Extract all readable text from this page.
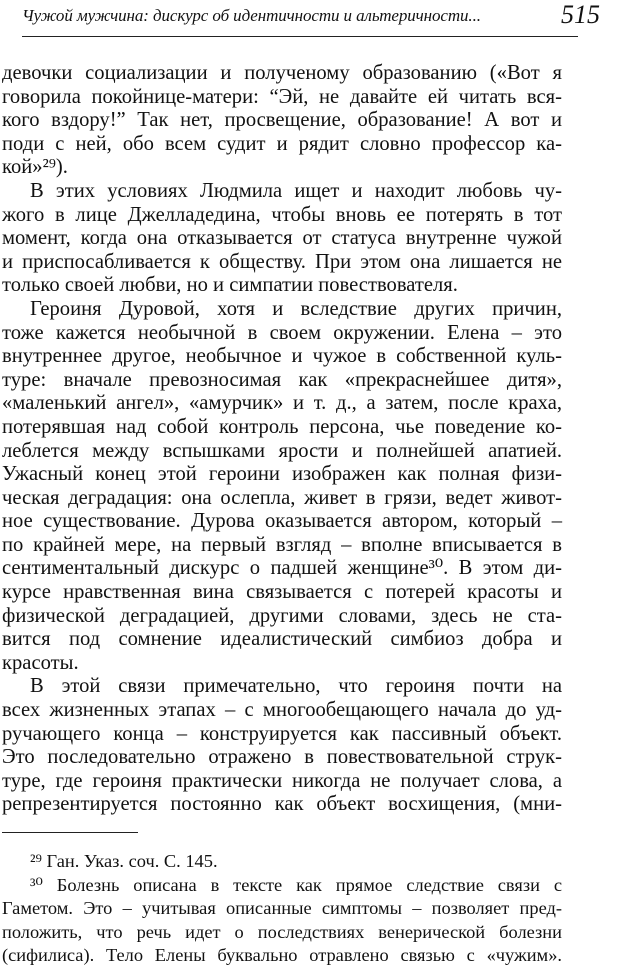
Чужой мужчина: дискурс об идентичности и альтеричности...	515
девочки социализации и полученому образованию («Вот я
говорила покойнице-матери: “Эй, не давайте ей читать вся-
кого вздору!” Так нет, просвещение, образование! А вот и
поди с ней, обо всем судит и рядит словно профессор ка-
кой»²⁹).
В этих условиях Людмила ищет и находит любовь чу-
жого в лице Джелладедина, чтобы вновь ее потерять в тот
момент, когда она отказывается от статуса внутренне чужой
и приспосабливается к обществу. При этом она лишается не
только своей любви, но и симпатии повествователя.
Героиня Дуровой, хотя и вследствие других причин,
тоже кажется необычной в своем окружении. Елена – это
внутреннее другое, необычное и чужое в собственной куль-
туре: вначале превозносимая как «прекраснейшее дитя»,
«маленький ангел», «амурчик» и т. д., а затем, после краха,
потерявшая над собой контроль персона, чье поведение ко-
леблется между вспышками ярости и полнейшей апатией.
Ужасный конец этой героини изображен как полная физи-
ческая деградация: она ослепла, живет в грязи, ведет живот-
ное существование. Дурова оказывается автором, который –
по крайней мере, на первый взгляд – вполне вписывается в
сентиментальный дискурс о падшей женщине³⁰. В этом ди-
курсе нравственная вина связывается с потерей красоты и
физической деградацией, другими словами, здесь не ста-
вится под сомнение идеалистический симбиоз добра и
красоты.
В этой связи примечательно, что героиня почти на
всех жизненных этапах – с многообещающего начала до уд-
ручающего конца – конструируется как пассивный объект.
Это последовательно отражено в повествовательной струк-
туре, где героиня практически никогда не получает слова, а
репрезентируется постоянно как объект восхищения, (мни-
²⁹ Ган. Указ. соч. С. 145.
³⁰ Болезнь описана в тексте как прямое следствие связи с
Гаметом. Это – учитывая описанные симптомы – позволяет пред-
положить, что речь идет о последствиях венерической болезни
(сифилиса). Тело Елены буквально отравлено связью с «чужим».
